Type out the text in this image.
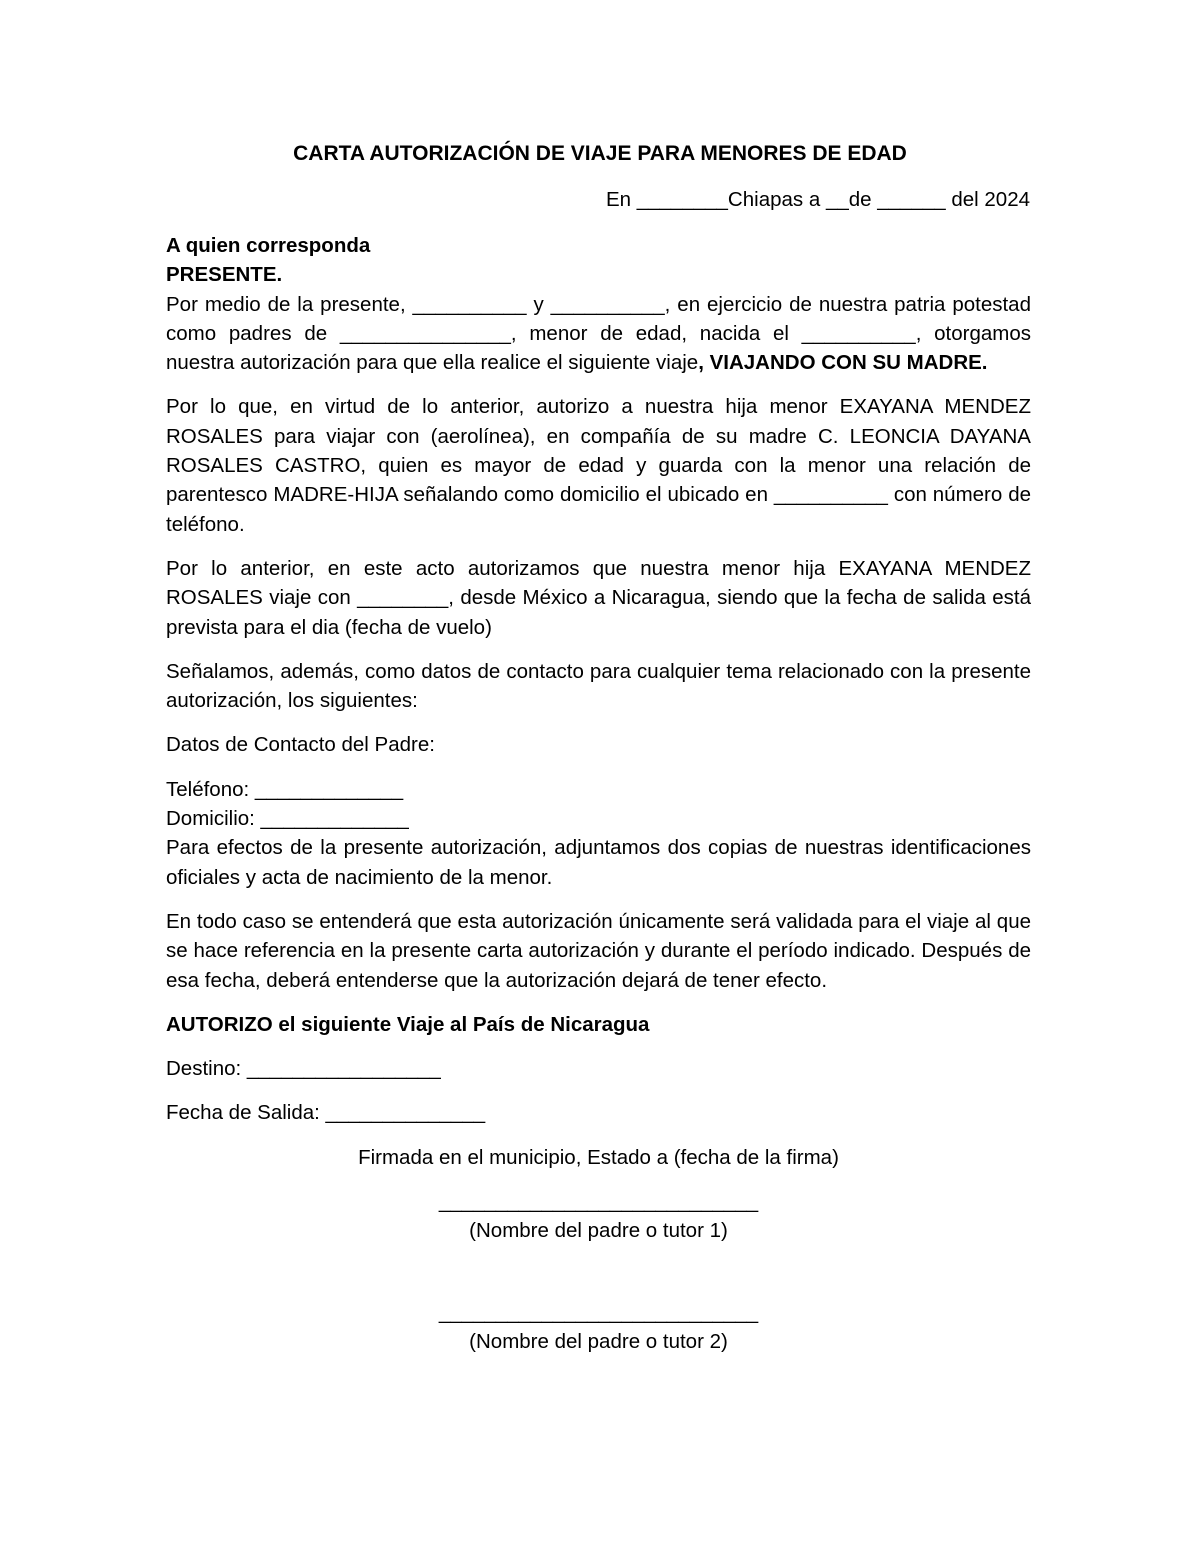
CARTA AUTORIZACIÓN DE VIAJE PARA MENORES DE EDAD
En ________Chiapas a __de ______ del 2024

A quien corresponda

PRESENTE.

Por medio de la presente, __________ y __________, en ejercicio de nuestra patria potestad como padres de _______________, menor de edad, nacida el __________, otorgamos nuestra autorización para que ella realice el siguiente viaje, VIAJANDO CON SU MADRE.

Por lo que, en virtud de lo anterior, autorizo a nuestra hija menor EXAYANA MENDEZ ROSALES para viajar con (aerolínea), en compañía de su madre C. LEONCIA DAYANA ROSALES CASTRO, quien es mayor de edad y guarda con la menor una relación de parentesco MADRE-HIJA señalando como domicilio el ubicado en __________ con número de teléfono.

Por lo anterior, en este acto autorizamos que nuestra menor hija EXAYANA MENDEZ ROSALES viaje con ________, desde México a Nicaragua, siendo que la fecha de salida está prevista para el dia (fecha de vuelo)

Señalamos, además, como datos de contacto para cualquier tema relacionado con la presente autorización, los siguientes:

Datos de Contacto del Padre:

Teléfono: _____________

Domicilio: _____________

Para efectos de la presente autorización, adjuntamos dos copias de nuestras identificaciones oficiales y acta de nacimiento de la menor.

En todo caso se entenderá que esta autorización únicamente será validada para el viaje al que se hace referencia en la presente carta autorización y durante el período indicado. Después de esa fecha, deberá entenderse que la autorización dejará de tener efecto.

AUTORIZO el siguiente Viaje al País de Nicaragua

Destino: _________________

Fecha de Salida: ______________

Firmada en el municipio, Estado a (fecha de la firma)

____________________________

(Nombre del padre o tutor 1)

____________________________

(Nombre del padre o tutor 2)
